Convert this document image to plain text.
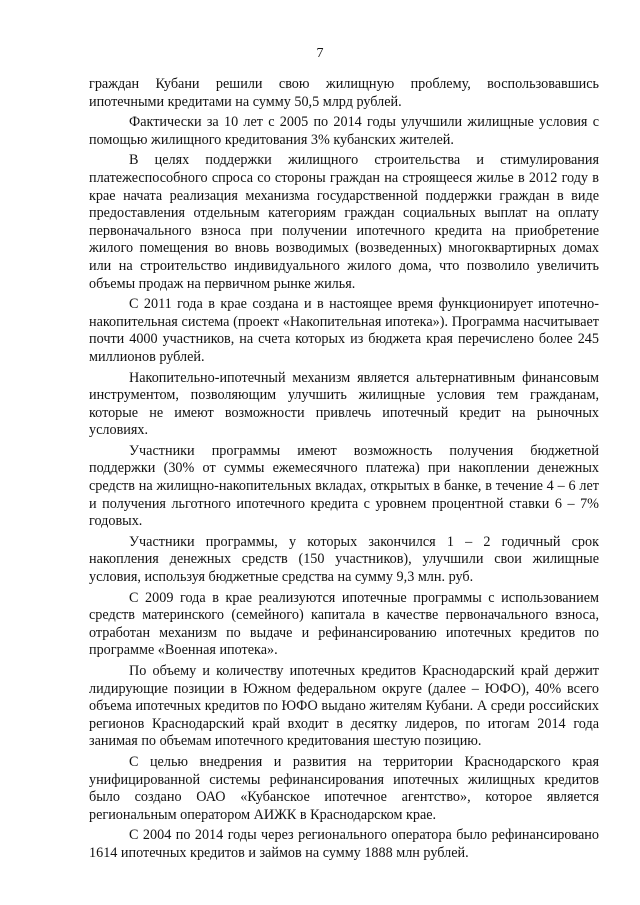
7

граждан Кубани решили свою жилищную проблему, воспользовавшись ипотечными кредитами на сумму 50,5 млрд рублей.

Фактически за 10 лет с 2005 по 2014 годы улучшили жилищные условия с помощью жилищного кредитования 3% кубанских жителей.

В целях поддержки жилищного строительства и стимулирования платежеспособного спроса со стороны граждан на строящееся жилье в 2012 году в крае начата реализация механизма государственной поддержки граждан в виде предоставления отдельным категориям граждан социальных выплат на оплату первоначального взноса при получении ипотечного кредита на приобретение жилого помещения во вновь возводимых (возведенных) многоквартирных домах или на строительство индивидуального жилого дома, что позволило увеличить объемы продаж на первичном рынке жилья.

С 2011 года в крае создана и в настоящее время функционирует ипотечно-накопительная система (проект «Накопительная ипотека»). Программа насчитывает почти 4000 участников, на счета которых из бюджета края перечислено более 245 миллионов рублей.

Накопительно-ипотечный механизм является альтернативным финансовым инструментом, позволяющим улучшить жилищные условия тем гражданам, которые не имеют возможности привлечь ипотечный кредит на рыночных условиях.

Участники программы имеют возможность получения бюджетной поддержки (30% от суммы ежемесячного платежа) при накоплении денежных средств на жилищно-накопительных вкладах, открытых в банке, в течение 4 – 6 лет и получения льготного ипотечного кредита с уровнем процентной ставки 6 – 7% годовых.

Участники программы, у которых закончился 1 – 2 годичный срок накопления денежных средств (150 участников), улучшили свои жилищные условия, используя бюджетные средства на сумму 9,3 млн. руб.

С 2009 года в крае реализуются ипотечные программы с использованием средств материнского (семейного) капитала в качестве первоначального взноса, отработан механизм по выдаче и рефинансированию ипотечных кредитов по программе «Военная ипотека».

По объему и количеству ипотечных кредитов Краснодарский край держит лидирующие позиции в Южном федеральном округе (далее – ЮФО), 40% всего объема ипотечных кредитов по ЮФО выдано жителям Кубани. А среди российских регионов Краснодарский край входит в десятку лидеров, по итогам 2014 года занимая по объемам ипотечного кредитования шестую позицию.

С целью внедрения и развития на территории Краснодарского края унифицированной системы рефинансирования ипотечных жилищных кредитов было создано ОАО «Кубанское ипотечное агентство», которое является региональным оператором АИЖК в Краснодарском крае.

С 2004 по 2014 годы через регионального оператора было рефинансировано 1614 ипотечных кредитов и займов на сумму 1888 млн рублей.
